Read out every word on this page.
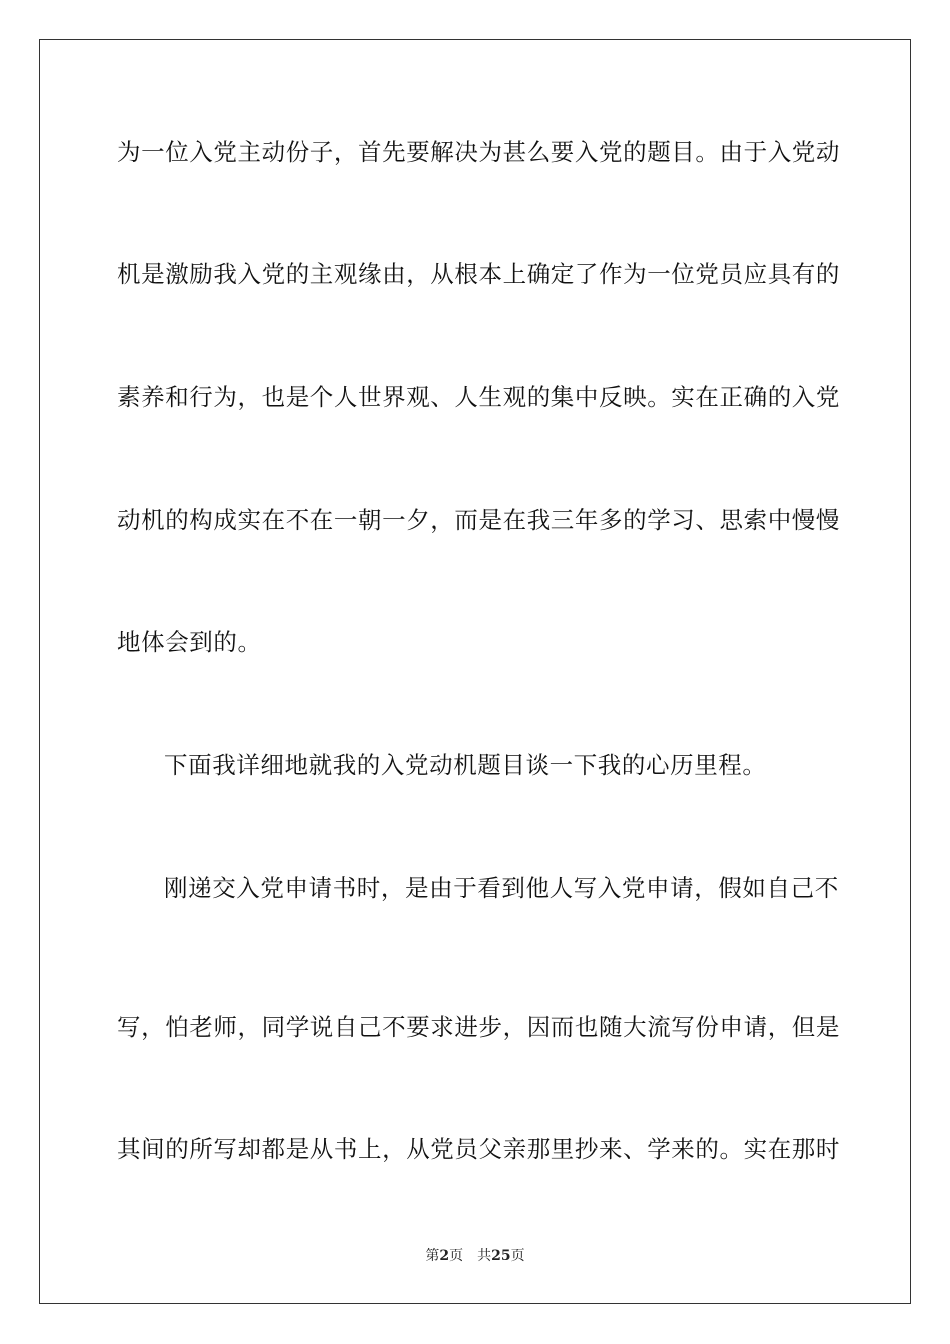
为一位入党主动份子，首先要解决为甚么要入党的题目。由于入党动
机是激励我入党的主观缘由，从根本上确定了作为一位党员应具有的
素养和行为，也是个人世界观、人生观的集中反映。实在正确的入党
动机的构成实在不在一朝一夕，而是在我三年多的学习、思索中慢慢
地体会到的。
下面我详细地就我的入党动机题目谈一下我的心历里程。
刚递交入党申请书时，是由于看到他人写入党申请，假如自己不
写，怕老师，同学说自己不要求进步，因而也随大流写份申请，但是
其间的所写却都是从书上，从党员父亲那里抄来、学来的。实在那时
第2页 共25页
